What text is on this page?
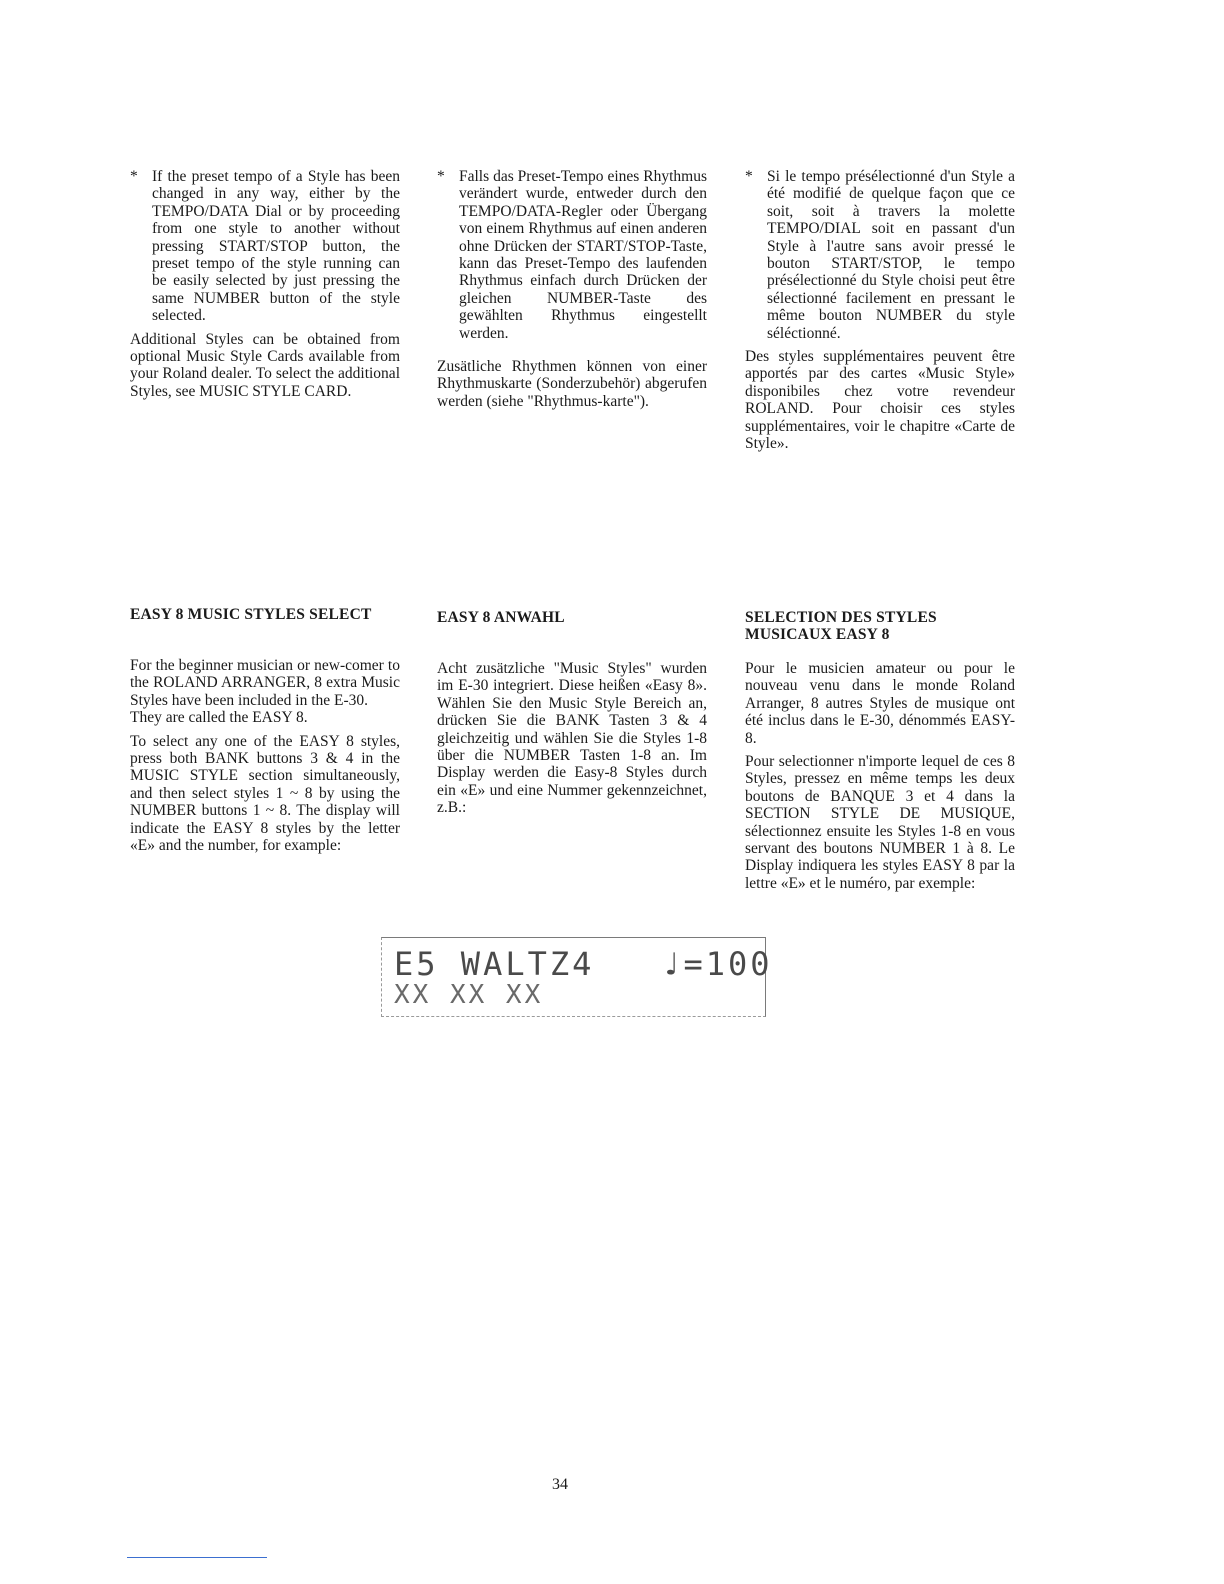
* If the preset tempo of a Style has been changed in any way, either by the TEMPO/DATA Dial or by proceeding from one style to another without pressing START/STOP button, the preset tempo of the style running can be easily selected by just pressing the same NUMBER button of the style selected.

Additional Styles can be obtained from optional Music Style Cards available from your Roland dealer. To select the additional Styles, see MUSIC STYLE CARD.

* Falls das Preset-Tempo eines Rhythmus verändert wurde, entweder durch den TEMPO/DATA-Regler oder Übergang von einem Rhythmus auf einen anderen ohne Drücken der START/STOP-Taste, kann das Preset-Tempo des laufenden Rhythmus einfach durch Drücken der gleichen NUMBER-Taste des gewählten Rhythmus eingestellt werden.

Zusätliche Rhythmen können von einer Rhythmuskarte (Sonderzubehör) abgerufen werden (siehe "Rhythmus-karte").

* Si le tempo présélectionné d'un Style a été modifié de quelque façon que ce soit, soit à travers la molette TEMPO/DIAL soit en passant d'un Style à l'autre sans avoir pressé le bouton START/STOP, le tempo présélectionné du Style choisi peut être sélectionné facilement en pressant le même bouton NUMBER du style séléctionné.

Des styles supplémentaires peuvent être apportés par des cartes «Music Style» disponibiles chez votre revendeur ROLAND. Pour choisir ces styles supplémentaires, voir le chapitre «Carte de Style».

EASY 8 MUSIC STYLES SELECT	EASY 8 ANWAHL	SELECTION DES STYLES MUSICAUX EASY 8

For the beginner musician or new-comer to the ROLAND ARRANGER, 8 extra Music Styles have been included in the E-30.

They are called the EASY 8.

To select any one of the EASY 8 styles, press both BANK buttons 3 & 4 in the MUSIC STYLE section simultaneously, and then select styles 1 ~ 8 by using the NUMBER buttons 1 ~ 8. The display will indicate the EASY 8 styles by the letter «E» and the number, for example:

Acht zusätzliche "Music Styles" wurden im E-30 integriert. Diese heißen «Easy 8». Wählen Sie den Music Style Bereich an, drücken Sie die BANK Tasten 3 & 4 gleichzeitig und wählen Sie die Styles 1-8 über die NUMBER Tasten 1-8 an. Im Display werden die Easy-8 Styles durch ein «E» und eine Nummer gekennzeichnet, z.B.:

Pour le musicien amateur ou pour le nouveau venu dans le monde Roland Arranger, 8 autres Styles de musique ont été inclus dans le E-30, dénommés EASY-8.

Pour selectionner n'importe lequel de ces 8 Styles, pressez en même temps les deux boutons de BANQUE 3 et 4 dans la SECTION STYLE DE MUSIQUE, sélectionnez ensuite les Styles 1-8 en vous servant des boutons NUMBER 1 à 8. Le Display indiquera les styles EASY 8 par la lettre «E» et le numéro, par exemple:

E5 WALTZ4   ♩=100
XX XX XX
34
